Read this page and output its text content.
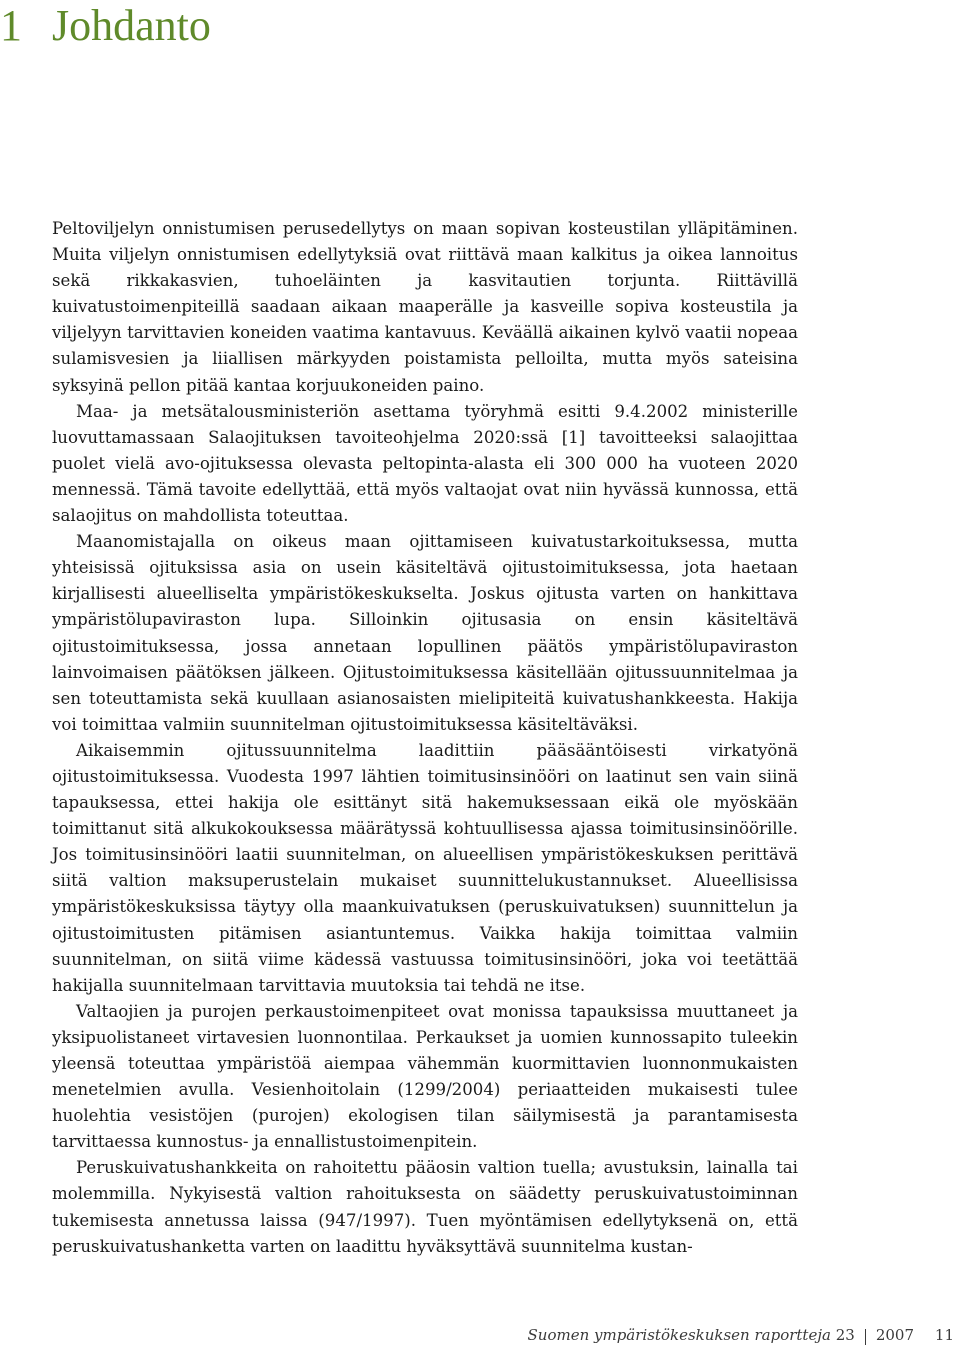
1 Johdanto

Peltoviljelyn onnistumisen perusedellytys on maan sopivan kosteustilan ylläpitäminen. Muita viljelyn onnistumisen edellytyksiä ovat riittävä maan kalkitus ja oikea lannoitus sekä rikkakasvien, tuhoeläinten ja kasvitautien torjunta. Riittävillä kuivatustoimenpiteillä saadaan aikaan maaperälle ja kasveille sopiva kosteustila ja viljelyyn tarvittavien koneiden vaatima kantavuus. Keväällä aikainen kylvö vaatii nopeaa sulamisvesien ja liiallisen märkyyden poistamista pelloilta, mutta myös sateisina syksyinä pellon pitää kantaa korjuukoneiden paino.

Maa- ja metsätalousministeriön asettama työryhmä esitti 9.4.2002 ministerille luovuttamassaan Salaojituksen tavoiteohjelma 2020:ssä [1] tavoitteeksi salaojittaa puolet vielä avo-ojituksessa olevasta peltopinta-alasta eli 300 000 ha vuoteen 2020 mennessä. Tämä tavoite edellyttää, että myös valtaojat ovat niin hyvässä kunnossa, että salaojitus on mahdollista toteuttaa.

Maanomistajalla on oikeus maan ojittamiseen kuivatustarkoituksessa, mutta yhteisissä ojituksissa asia on usein käsiteltävä ojitustoimituksessa, jota haetaan kirjallisesti alueelliselta ympäristökeskukselta. Joskus ojitusta varten on hankittava ympäristölupaviraston lupa. Silloinkin ojitusasia on ensin käsiteltävä ojitustoimituksessa, jossa annetaan lopullinen päätös ympäristölupaviraston lainvoimaisen päätöksen jälkeen. Ojitustoimituksessa käsitellään ojitussuunnitelmaa ja sen toteuttamista sekä kuullaan asianosaisten mielipiteitä kuivatushankkeesta. Hakija voi toimittaa valmiin suunnitelman ojitustoimituksessa käsiteltäväksi.

Aikaisemmin ojitussuunnitelma laadittiin pääsääntöisesti virkatyönä ojitustoimituksessa. Vuodesta 1997 lähtien toimitusinsinööri on laatinut sen vain siinä tapauksessa, ettei hakija ole esittänyt sitä hakemuksessaan eikä ole myöskään toimittanut sitä alkukokouksessa määrätyssä kohtuullisessa ajassa toimitusinsinöörille. Jos toimitusinsinööri laatii suunnitelman, on alueellisen ympäristökeskuksen perittävä siitä valtion maksuperustelain mukaiset suunnittelukustannukset. Alueellisissa ympäristökeskuksissa täytyy olla maankuivatuksen (peruskuivatuksen) suunnittelun ja ojitustoimitusten pitämisen asiantuntemus. Vaikka hakija toimittaa valmiin suunnitelman, on siitä viime kädessä vastuussa toimitusinsinööri, joka voi teetättää hakijalla suunnitelmaan tarvittavia muutoksia tai tehdä ne itse.

Valtaojien ja purojen perkaustoimenpiteet ovat monissa tapauksissa muuttaneet ja yksipuolistaneet virtavesien luonnontilaa. Perkaukset ja uomien kunnossapito tuleekin yleensä toteuttaa ympäristöä aiempaa vähemmän kuormittavien luonnonmukaisten menetelmien avulla. Vesienhoitolain (1299/2004) periaatteiden mukaisesti tulee huolehtia vesistöjen (purojen) ekologisen tilan säilymisestä ja parantamisesta tarvittaessa kunnostus- ja ennallistustoimenpitein.

Peruskuivatushankkeita on rahoitettu pääosin valtion tuella; avustuksin, lainalla tai molemmilla. Nykyisestä valtion rahoituksesta on säädetty peruskuivatustoiminnan tukemisesta annetussa laissa (947/1997). Tuen myöntämisen edellytyksenä on, että peruskuivatushanketta varten on laadittu hyväksyttävä suunnitelma kustan-

Suomen ympäristökeskuksen raportteja
23 2007	11
